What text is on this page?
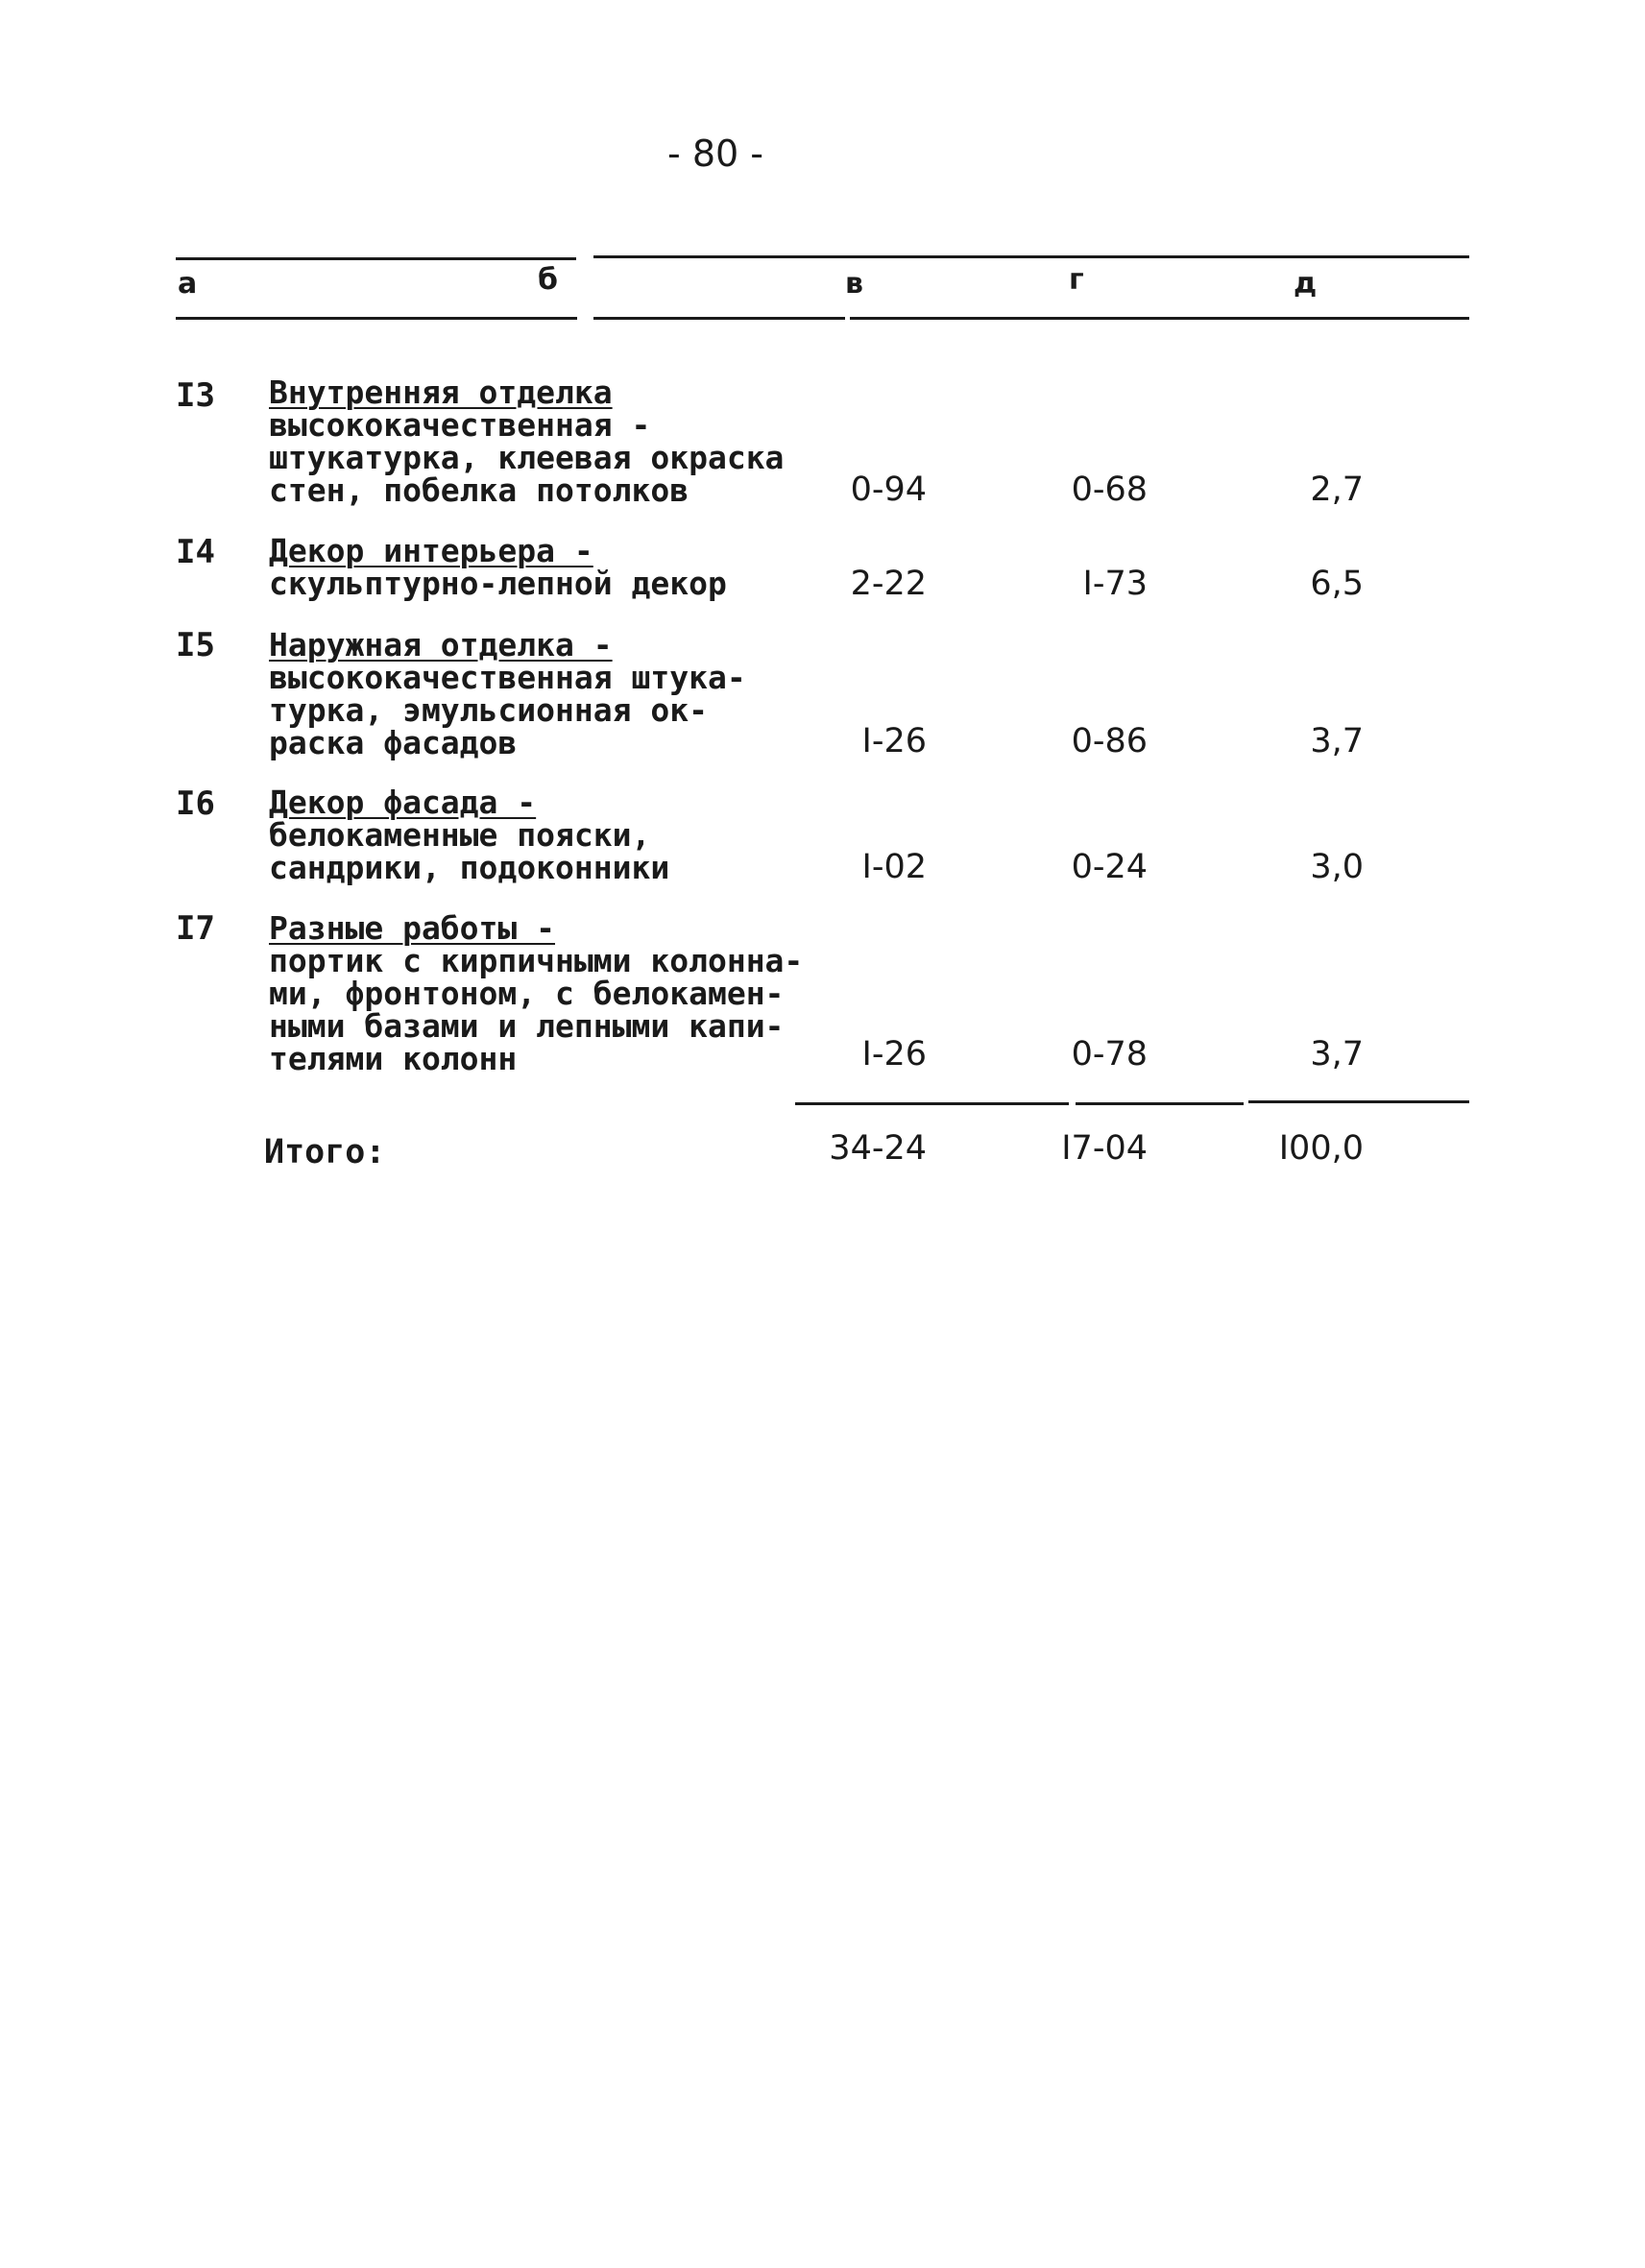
- 80 -
а	б	в	г	д
I3 Внутренняя отделка
высококачественная -
штукатурка, клеевая окраска
стен, побелка потолков	0-94	0-68	2,7
I4 Декор интерьера -
скульптурно-лепной декор	2-22	I-73	6,5
I5 Наружная отделка -
высококачественная штука-
турка, эмульсионная ок-
раска фасадов	I-26	0-86	3,7
I6 Декор фасада -
белокаменные пояски,
сандрики, подоконники	I-02	0-24	3,0
I7 Разные работы -
портик с кирпичными колонна-
ми, фронтоном, с белокамен-
ными базами и лепными капи-
телями колонн	I-26	0-78	3,7
Итого:	34-24	I7-04	I00,0
